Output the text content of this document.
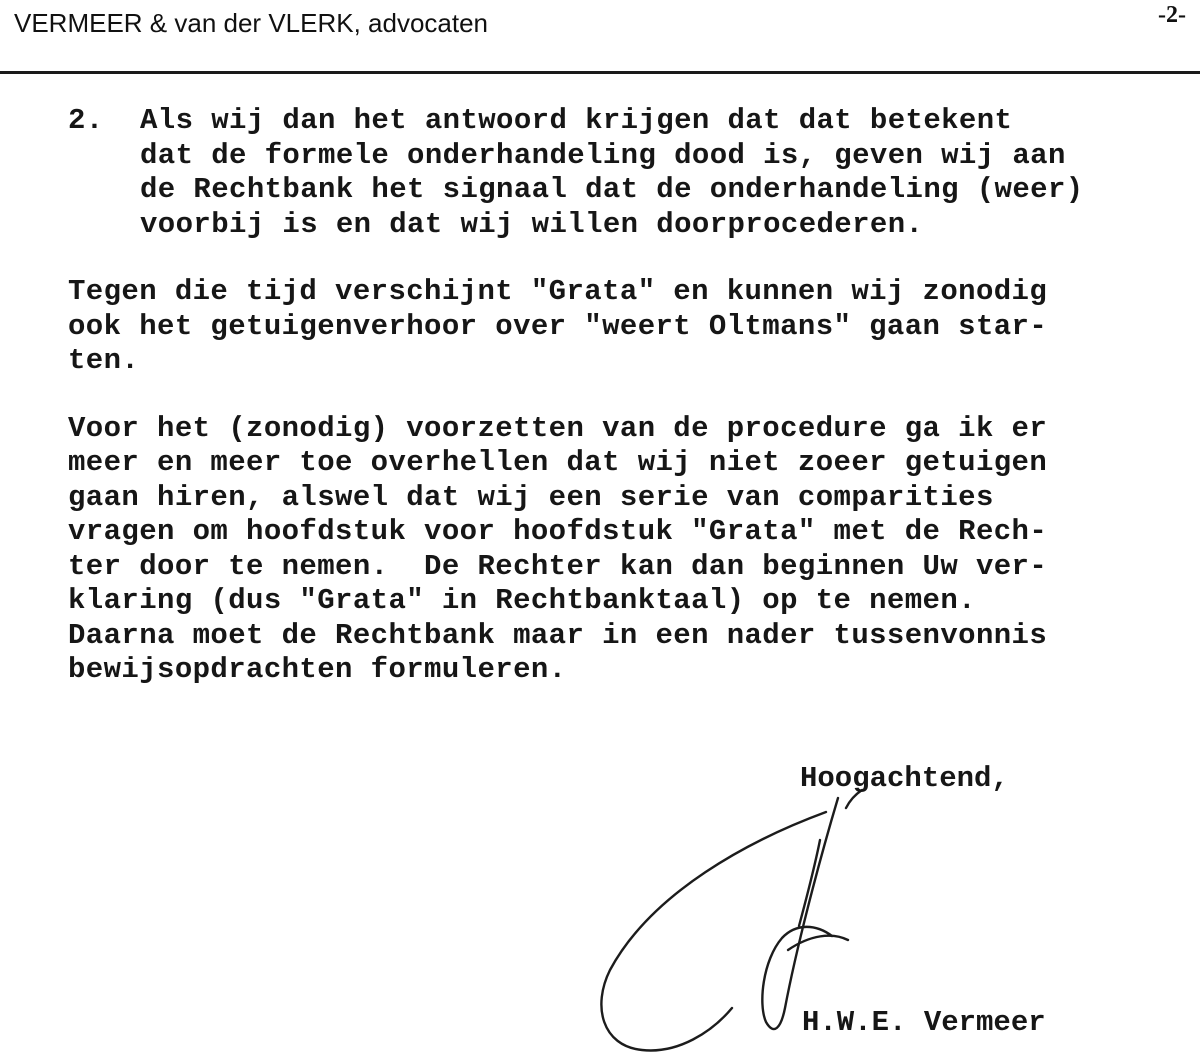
VERMEER & van der VLERK, advocaten	-2-
2.	Als wij dan het antwoord krijgen dat dat betekent
dat de formele onderhandeling dood is, geven wij aan
de Rechtbank het signaal dat de onderhandeling (weer)
voorbij is en dat wij willen doorprocederen.
Tegen die tijd verschijnt "Grata" en kunnen wij zonodig
ook het getuigenverhoor over "weert Oltmans" gaan star-
ten.
Voor het (zonodig) voorzetten van de procedure ga ik er
meer en meer toe overhellen dat wij niet zoeer getuigen
gaan hiren, alswel dat wij een serie van comparities
vragen om hoofdstuk voor hoofdstuk "Grata" met de Rech-
ter door te nemen.  De Rechter kan dan beginnen Uw ver-
klaring (dus "Grata" in Rechtbanktaal) op te nemen.
Daarna moet de Rechtbank maar in een nader tussenvonnis
bewijsopdrachten formuleren.
Hoogachtend,
H.W.E. Vermeer
